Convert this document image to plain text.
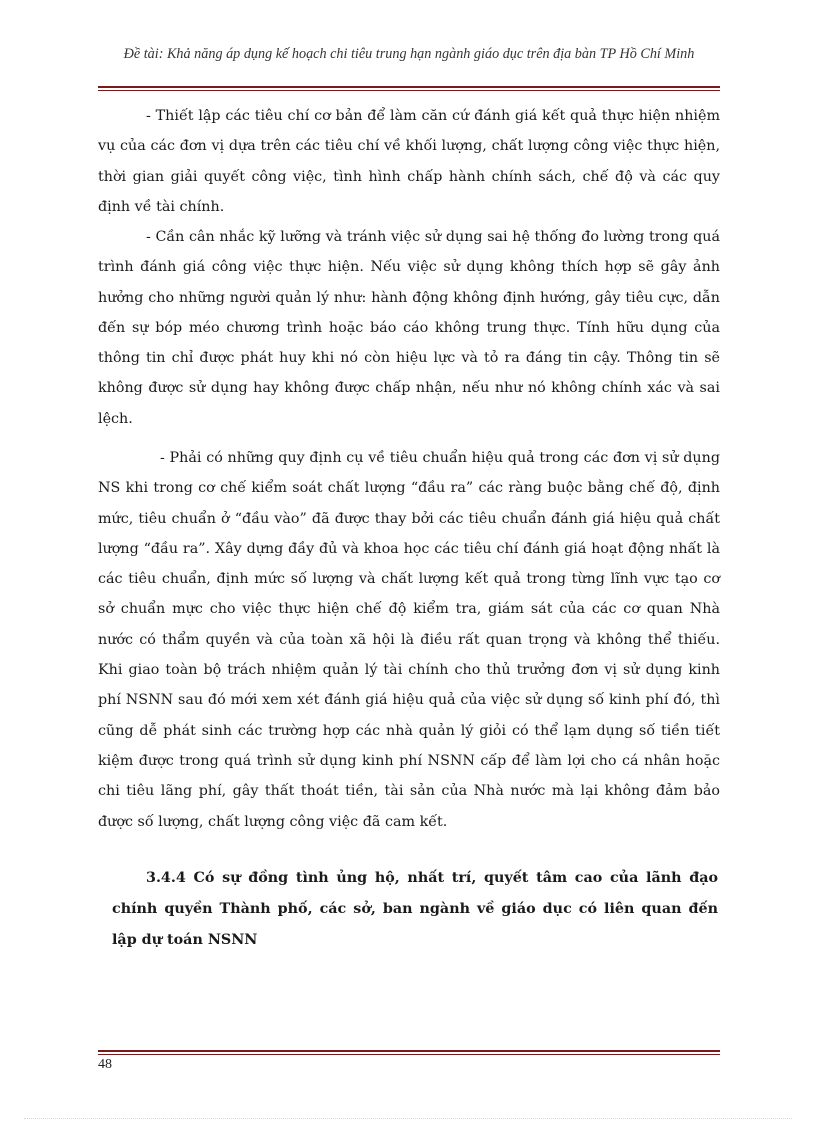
Đề tài: Khả năng áp dụng kế hoạch chi tiêu trung hạn ngành giáo dục trên địa bàn TP Hồ Chí Minh

- Thiết lập các tiêu chí cơ bản để làm căn cứ đánh giá kết quả thực hiện nhiệm vụ của các đơn vị dựa trên các tiêu chí về khối lượng, chất lượng công việc thực hiện, thời gian giải quyết công việc, tình hình chấp hành chính sách, chế độ và các quy định về tài chính.

- Cần cân nhắc kỹ lưỡng và tránh việc sử dụng sai hệ thống đo lường trong quá trình đánh giá công việc thực hiện. Nếu việc sử dụng không thích hợp sẽ gây ảnh hưởng cho những người quản lý như: hành động không định hướng, gây tiêu cực, dẫn đến sự bóp méo chương trình hoặc báo cáo không trung thực. Tính hữu dụng của thông tin chỉ được phát huy khi nó còn hiệu lực và tỏ ra đáng tin cậy. Thông tin sẽ không được sử dụng hay không được chấp nhận, nếu như nó không chính xác và sai lệch.

- Phải có những quy định cụ về tiêu chuẩn hiệu quả trong các đơn vị sử dụng NS khi trong cơ chế kiểm soát chất lượng “đầu ra” các ràng buộc bằng chế độ, định mức, tiêu chuẩn ở “đầu vào” đã được thay bởi các tiêu chuẩn đánh giá hiệu quả chất lượng “đầu ra”. Xây dựng đầy đủ và khoa học các tiêu chí đánh giá hoạt động nhất là các tiêu chuẩn, định mức số lượng và chất lượng kết quả trong từng lĩnh vực tạo cơ sở chuẩn mực cho việc thực hiện chế độ kiểm tra, giám sát của các cơ quan Nhà nước có thẩm quyền và của toàn xã hội là điều rất quan trọng và không thể thiếu. Khi giao toàn bộ trách nhiệm quản lý tài chính cho thủ trưởng đơn vị sử dụng kinh phí NSNN sau đó mới xem xét đánh giá hiệu quả của việc sử dụng số kinh phí đó, thì cũng dễ phát sinh các trường hợp các nhà quản lý giỏi có thể lạm dụng số tiền tiết kiệm được trong quá trình sử dụng kinh phí NSNN cấp để làm lợi cho cá nhân hoặc chi tiêu lãng phí, gây thất thoát tiền, tài sản của Nhà nước mà lại không đảm bảo được số lượng, chất lượng công việc đã cam kết.

3.4.4 Có sự đồng tình ủng hộ, nhất trí, quyết tâm cao của lãnh đạo chính quyền Thành phố, các sở, ban ngành về giáo dục có liên quan đến lập dự toán NSNN
48
